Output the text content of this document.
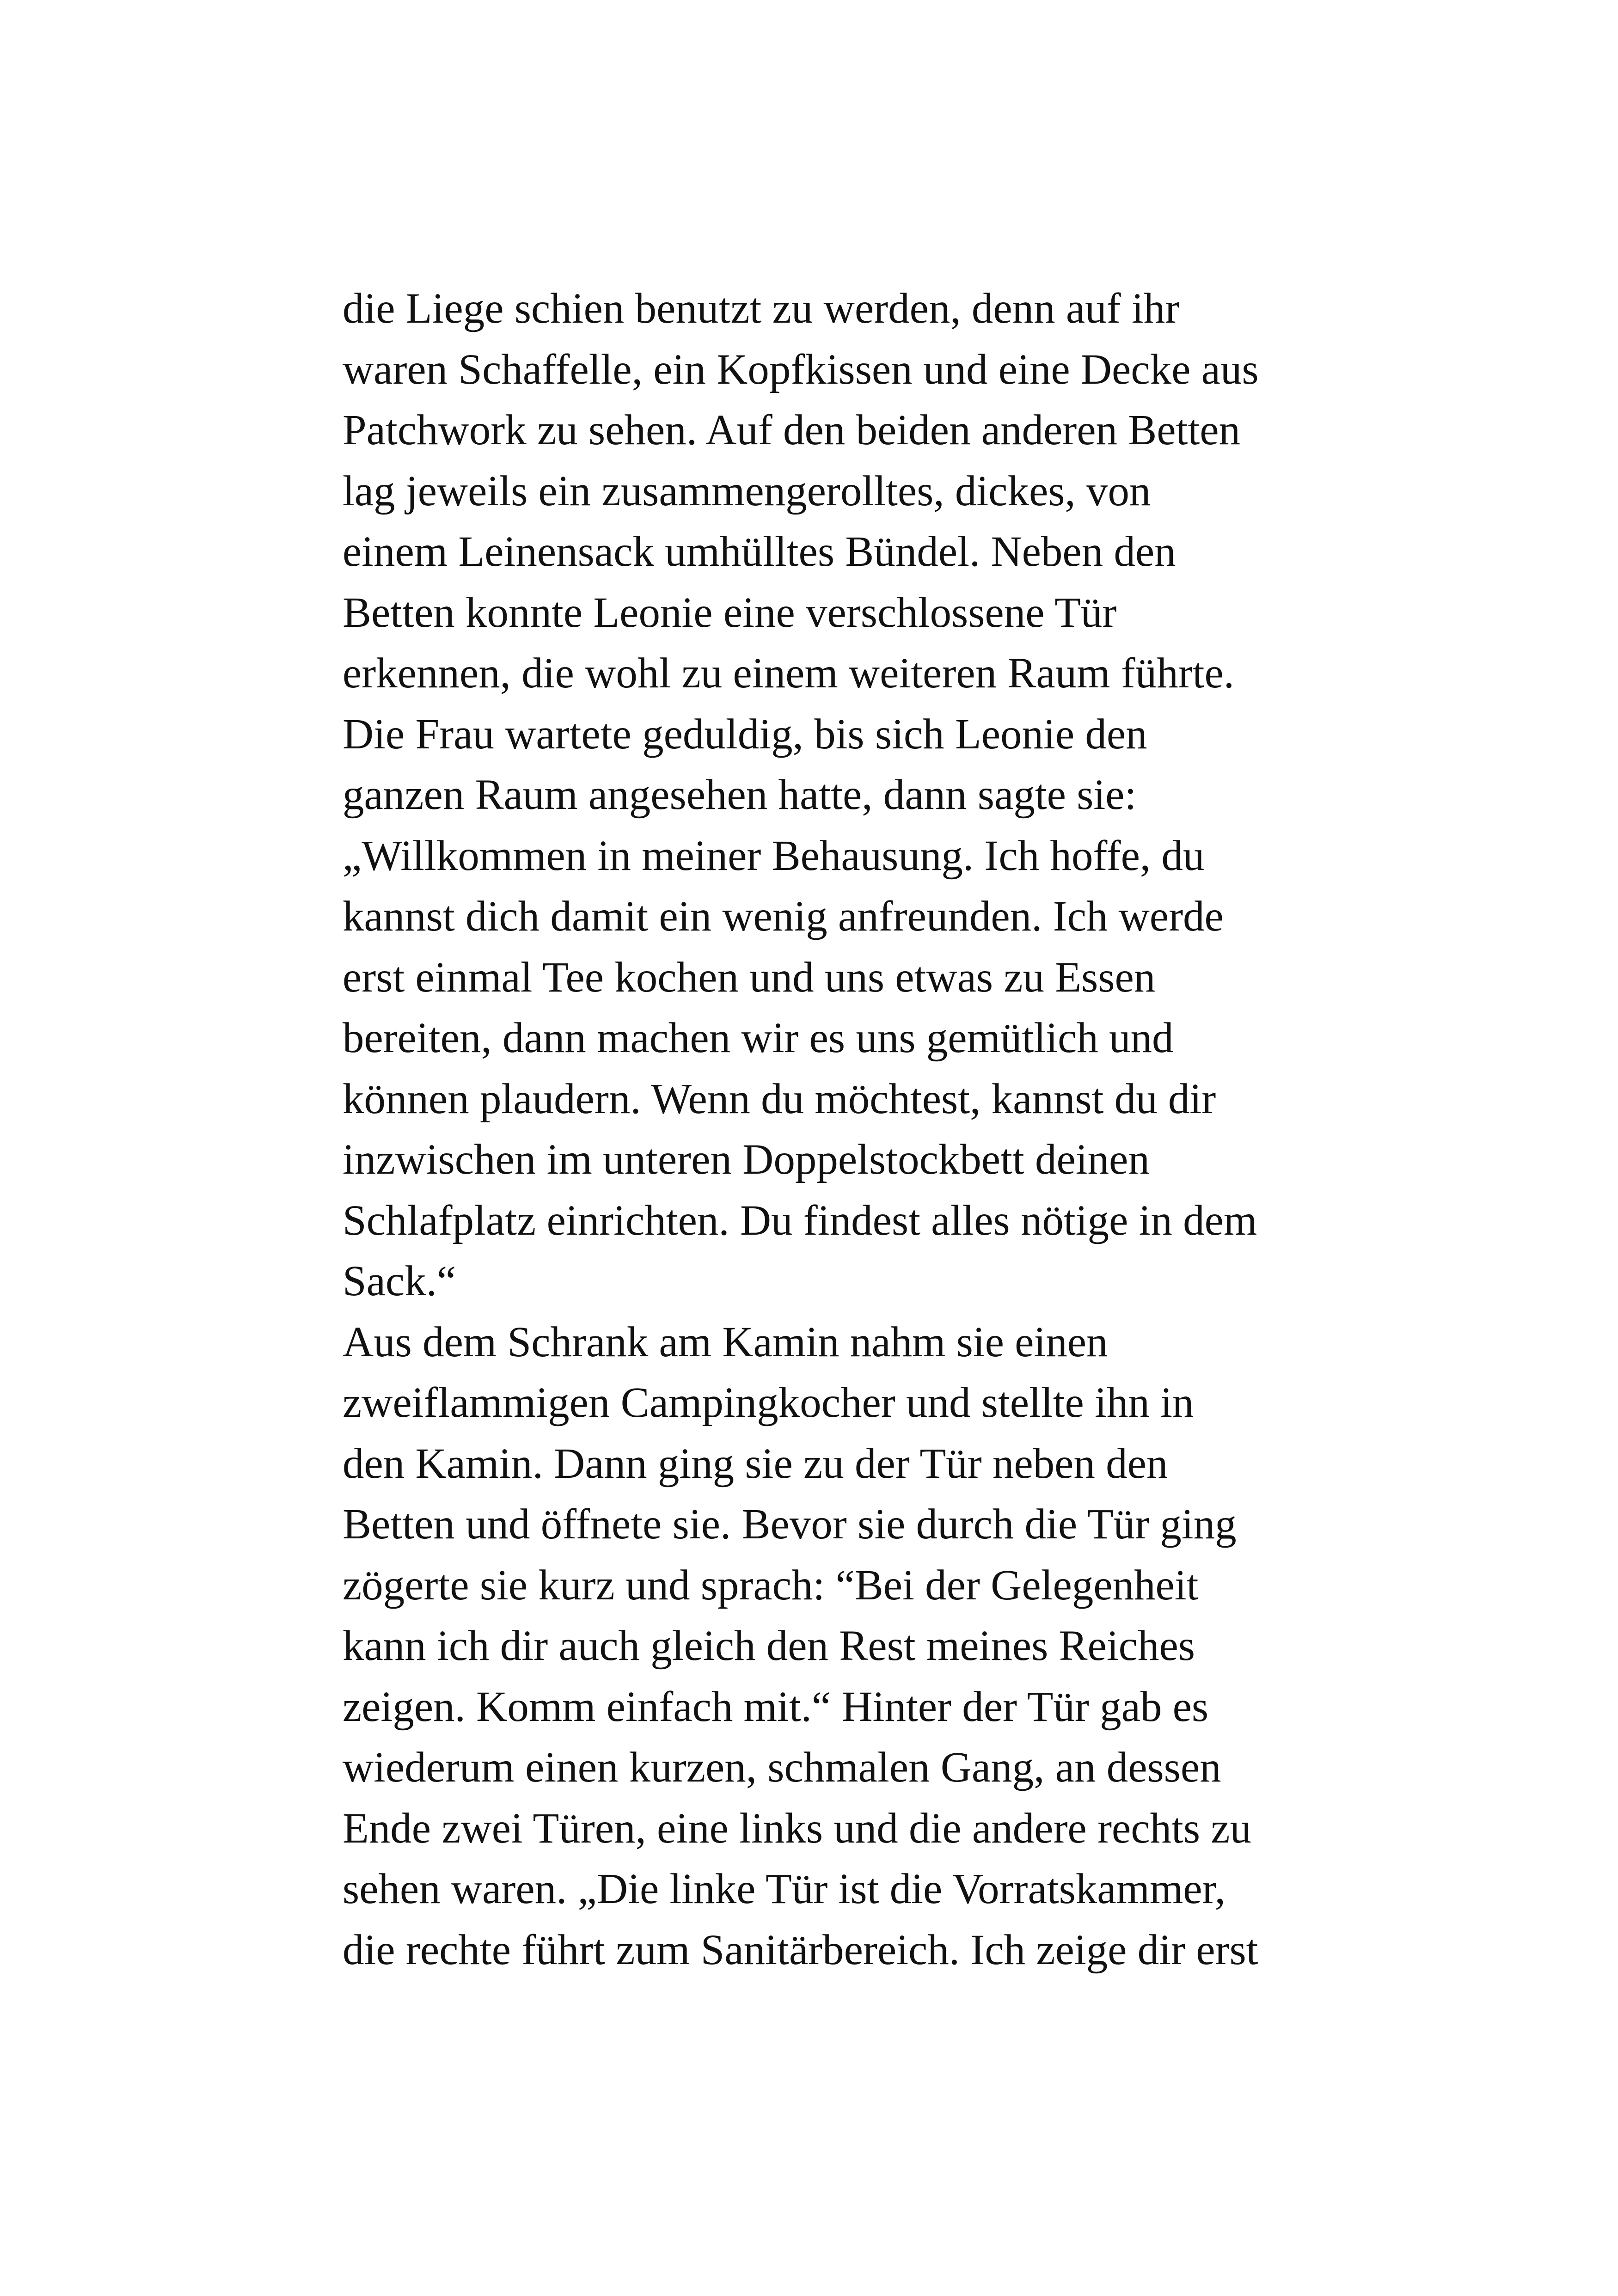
die Liege schien benutzt zu werden, denn auf ihr
waren Schaffelle, ein Kopfkissen und eine Decke aus
Patchwork zu sehen. Auf den beiden anderen Betten
lag jeweils ein zusammengerolltes, dickes, von
einem Leinensack umhülltes Bündel. Neben den
Betten konnte Leonie eine verschlossene Tür
erkennen, die wohl zu einem weiteren Raum führte.
Die Frau wartete geduldig, bis sich Leonie den
ganzen Raum angesehen hatte, dann sagte sie:
„Willkommen in meiner Behausung. Ich hoffe, du
kannst dich damit ein wenig anfreunden. Ich werde
erst einmal Tee kochen und uns etwas zu Essen
bereiten, dann machen wir es uns gemütlich und
können plaudern. Wenn du möchtest, kannst du dir
inzwischen im unteren Doppelstockbett deinen
Schlafplatz einrichten. Du findest alles nötige in dem
Sack.“
Aus dem Schrank am Kamin nahm sie einen
zweiflammigen Campingkocher und stellte ihn in
den Kamin. Dann ging sie zu der Tür neben den
Betten und öffnete sie. Bevor sie durch die Tür ging
zögerte sie kurz und sprach: “Bei der Gelegenheit
kann ich dir auch gleich den Rest meines Reiches
zeigen. Komm einfach mit.“ Hinter der Tür gab es
wiederum einen kurzen, schmalen Gang, an dessen
Ende zwei Türen, eine links und die andere rechts zu
sehen waren. „Die linke Tür ist die Vorratskammer,
die rechte führt zum Sanitärbereich. Ich zeige dir erst
